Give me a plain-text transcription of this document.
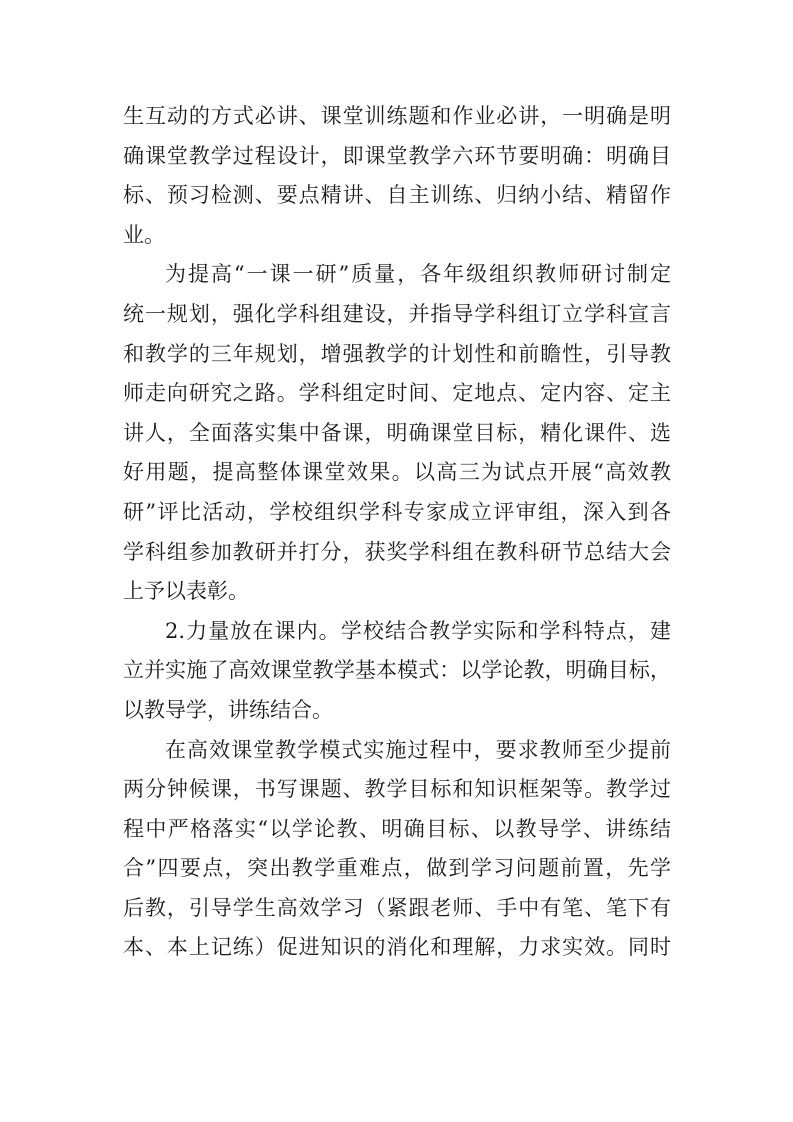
生互动的方式必讲、课堂训练题和作业必讲，一明确是明
确课堂教学过程设计，即课堂教学六环节要明确：明确目
标、预习检测、要点精讲、自主训练、归纳小结、精留作
业。
为提高“一课一研”质量，各年级组织教师研讨制定
统一规划，强化学科组建设，并指导学科组订立学科宣言
和教学的三年规划，增强教学的计划性和前瞻性，引导教
师走向研究之路。学科组定时间、定地点、定内容、定主
讲人，全面落实集中备课，明确课堂目标，精化课件、选
好用题，提高整体课堂效果。以高三为试点开展“高效教
研”评比活动，学校组织学科专家成立评审组，深入到各
学科组参加教研并打分，获奖学科组在教科研节总结大会
上予以表彰。
2.力量放在课内。学校结合教学实际和学科特点，建
立并实施了高效课堂教学基本模式：以学论教，明确目标，
以教导学，讲练结合。
在高效课堂教学模式实施过程中，要求教师至少提前
两分钟候课，书写课题、教学目标和知识框架等。教学过
程中严格落实“以学论教、明确目标、以教导学、讲练结
合”四要点，突出教学重难点，做到学习问题前置，先学
后教，引导学生高效学习（紧跟老师、手中有笔、笔下有
本、本上记练）促进知识的消化和理解，力求实效。同时
